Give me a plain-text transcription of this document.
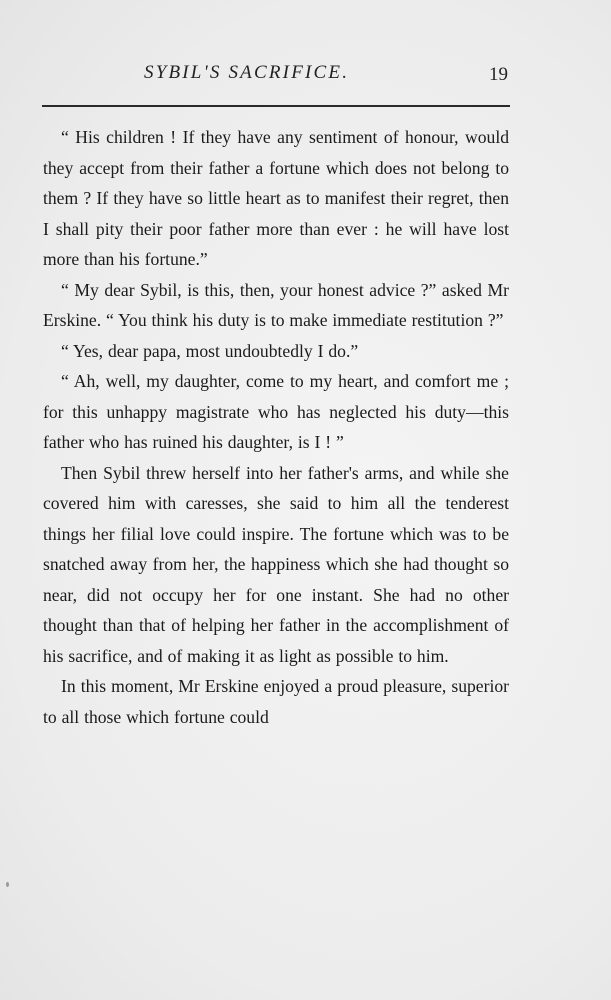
SYBIL'S SACRIFICE.	19

“ His children ! If they have any sentiment of honour, would they accept from their father a fortune which does not belong to them ? If they have so little heart as to manifest their regret, then I shall pity their poor father more than ever : he will have lost more than his fortune.”

“ My dear Sybil, is this, then, your honest advice ?” asked Mr Erskine. “ You think his duty is to make immediate restitution ?”

“ Yes, dear papa, most undoubtedly I do.”

“ Ah, well, my daughter, come to my heart, and comfort me ; for this unhappy magistrate who has neglected his duty—this father who has ruined his daughter, is I ! ”

Then Sybil threw herself into her father's arms, and while she covered him with caresses, she said to him all the tenderest things her filial love could inspire. The fortune which was to be snatched away from her, the happiness which she had thought so near, did not occupy her for one instant. She had no other thought than that of helping her father in the accomplishment of his sacrifice, and of making it as light as possible to him.

In this moment, Mr Erskine enjoyed a proud pleasure, superior to all those which fortune could
